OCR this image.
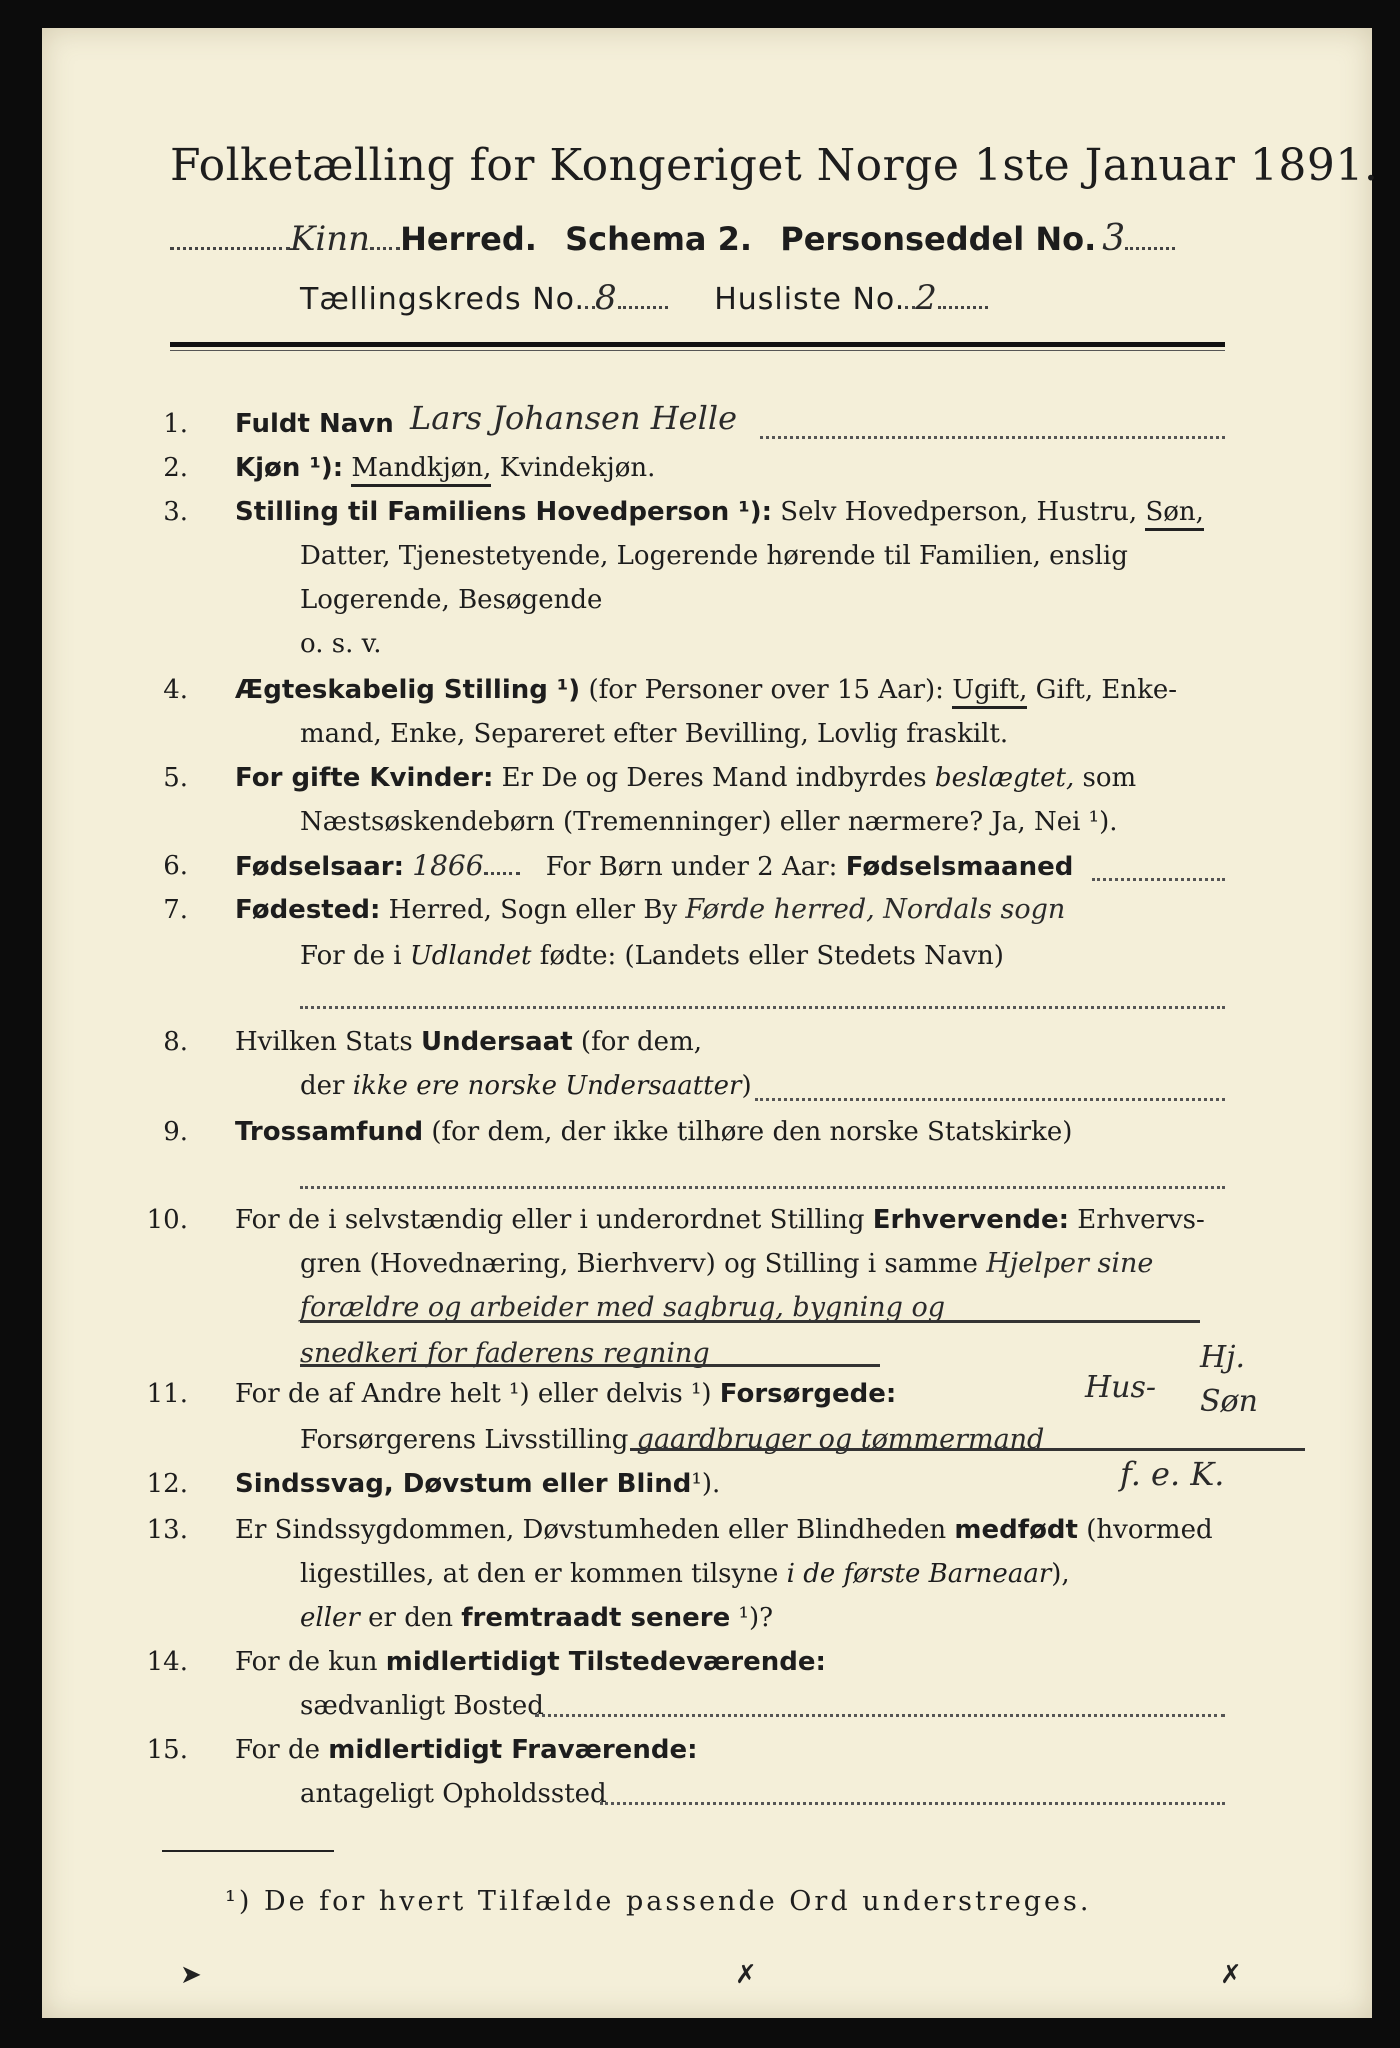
Folketælling for Kongeriget Norge 1ste Januar 1891.
Kinn Herred. Schema 2. Personseddel No. 3
Tællingskreds No. 8	Husliste No. 2
1. Fuldt Navn Lars Johansen Helle
2. Kjøn ¹): Mandkjøn, Kvindekjøn.
3. Stilling til Familiens Hovedperson ¹): Selv Hovedperson, Hustru, Søn,
Datter, Tjenestetyende, Logerende hørende til Familien, enslig
Logerende, Besøgende
o. s. v.
4. Ægteskabelig Stilling ¹) (for Personer over 15 Aar): Ugift, Gift, Enke-
mand, Enke, Separeret efter Bevilling, Lovlig fraskilt.
5. For gifte Kvinder: Er De og Deres Mand indbyrdes beslægtet, som
Næstsøskendebørn (Tremenninger) eller nærmere? Ja, Nei ¹).
6. Fødselsaar: 1866 For Børn under 2 Aar: Fødselsmaaned
7. Fødested: Herred, Sogn eller By Førde herred, Nordals sogn
For de i Udlandet fødte: (Landets eller Stedets Navn)
8. Hvilken Stats Undersaat (for dem,
der ikke ere norske Undersaatter)
9. Trossamfund (for dem, der ikke tilhøre den norske Statskirke)
10. For de i selvstændig eller i underordnet Stilling Erhvervende: Erhvervs-
gren (Hovednæring, Bierhverv) og Stilling i samme Hjelper sine
forældre og arbeider med sagbrug, bygning og
snedkeri for faderens regning	Hj. Søn
11. For de af Andre helt ¹) eller delvis ¹) Forsørgede:	Hus-
Forsørgerens Livsstilling gaardbruger og tømmermand
12. Sindssvag, Døvstum eller Blind¹).	f. e. K.
13. Er Sindssygdommen, Døvstumheden eller Blindheden medfødt (hvormed
ligestilles, at den er kommen tilsyne i de første Barneaar),
eller er den fremtraadt senere ¹)?
14. For de kun midlertidigt Tilstedeværende:
sædvanligt Bosted
15. For de midlertidigt Fraværende:
antageligt Opholdssted
¹) De for hvert Tilfælde passende Ord understreges.
➤	✗	✗
